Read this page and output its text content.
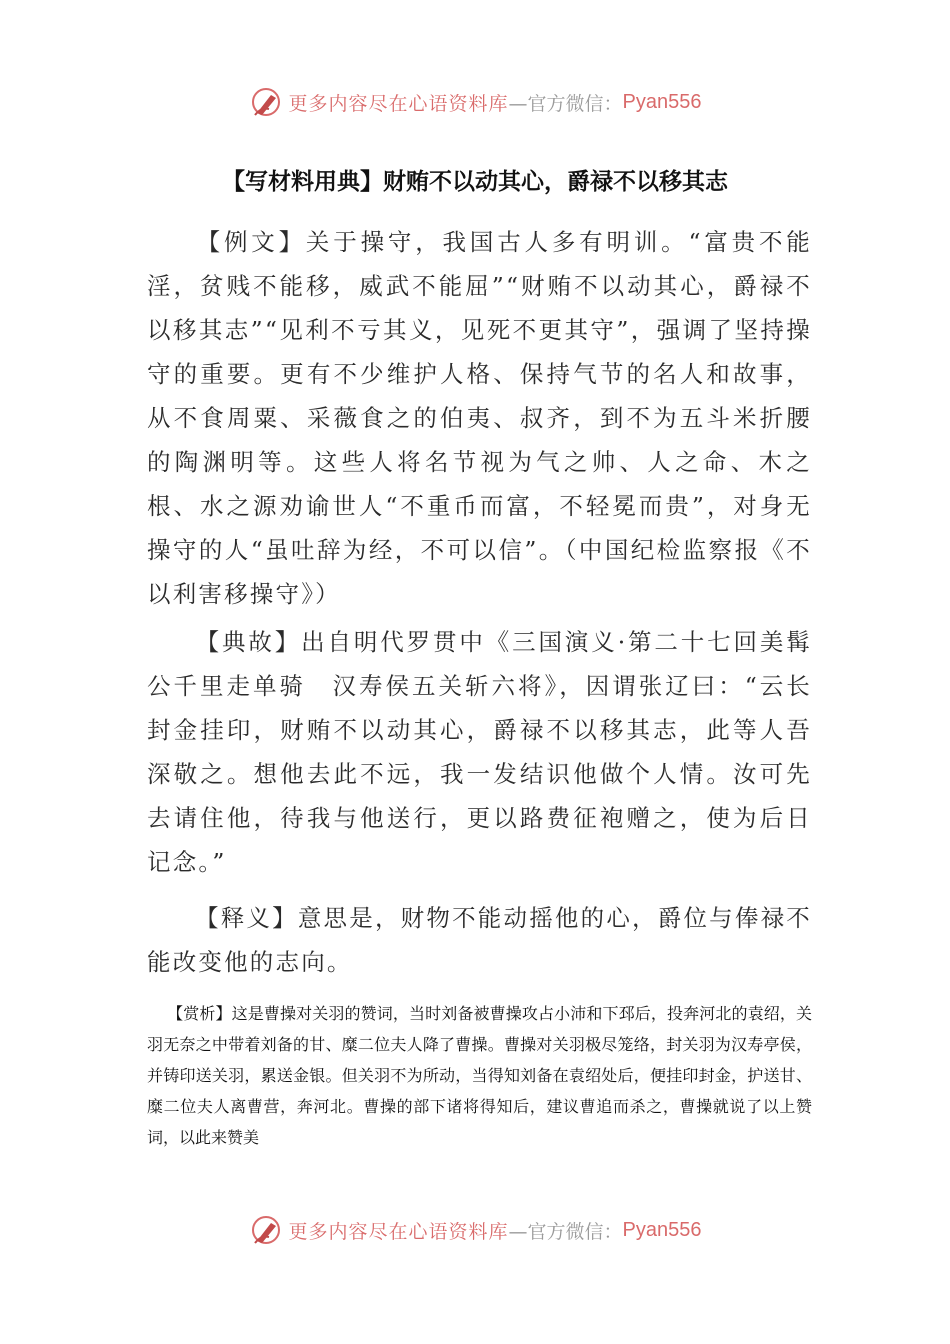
更多内容尽在心语资料库 —官方微信： Pyan556
【写材料用典】财贿不以动其心，爵禄不以移其志

【例文】关于操守，我国古人多有明训。“富贵不能淫，贫贱不能移，威武不能屈”“财贿不以动其心，爵禄不以移其志”“见利不亏其义，见死不更其守”，强调了坚持操守的重要。更有不少维护人格、保持气节的名人和故事，从不食周粟、采薇食之的伯夷、叔齐，到不为五斗米折腰的陶渊明等。这些人将名节视为气之帅、人之命、木之根、水之源劝谕世人“不重币而富，不轻冕而贵”，对身无操守的人“虽吐辞为经，不可以信”。（中国纪检监察报《不以利害移操守》）

【典故】出自明代罗贯中《三国演义·第二十七回美髯公千里走单骑　汉寿侯五关斩六将》，因谓张辽曰：“云长封金挂印，财贿不以动其心，爵禄不以移其志，此等人吾深敬之。想他去此不远，我一发结识他做个人情。汝可先去请住他，待我与他送行，更以路费征袍赠之，使为后日记念。”

【释义】意思是，财物不能动摇他的心，爵位与俸禄不能改变他的志向。

【赏析】这是曹操对关羽的赞词，当时刘备被曹操攻占小沛和下邳后，投奔河北的袁绍，关羽无奈之中带着刘备的甘、糜二位夫人降了曹操。曹操对关羽极尽笼络，封关羽为汉寿亭侯，并铸印送关羽，累送金银。但关羽不为所动，当得知刘备在袁绍处后，便挂印封金，护送甘、糜二位夫人离曹营，奔河北。曹操的部下诸将得知后，建议曹追而杀之，曹操就说了以上赞词，以此来赞美

更多内容尽在心语资料库 —官方微信： Pyan556
